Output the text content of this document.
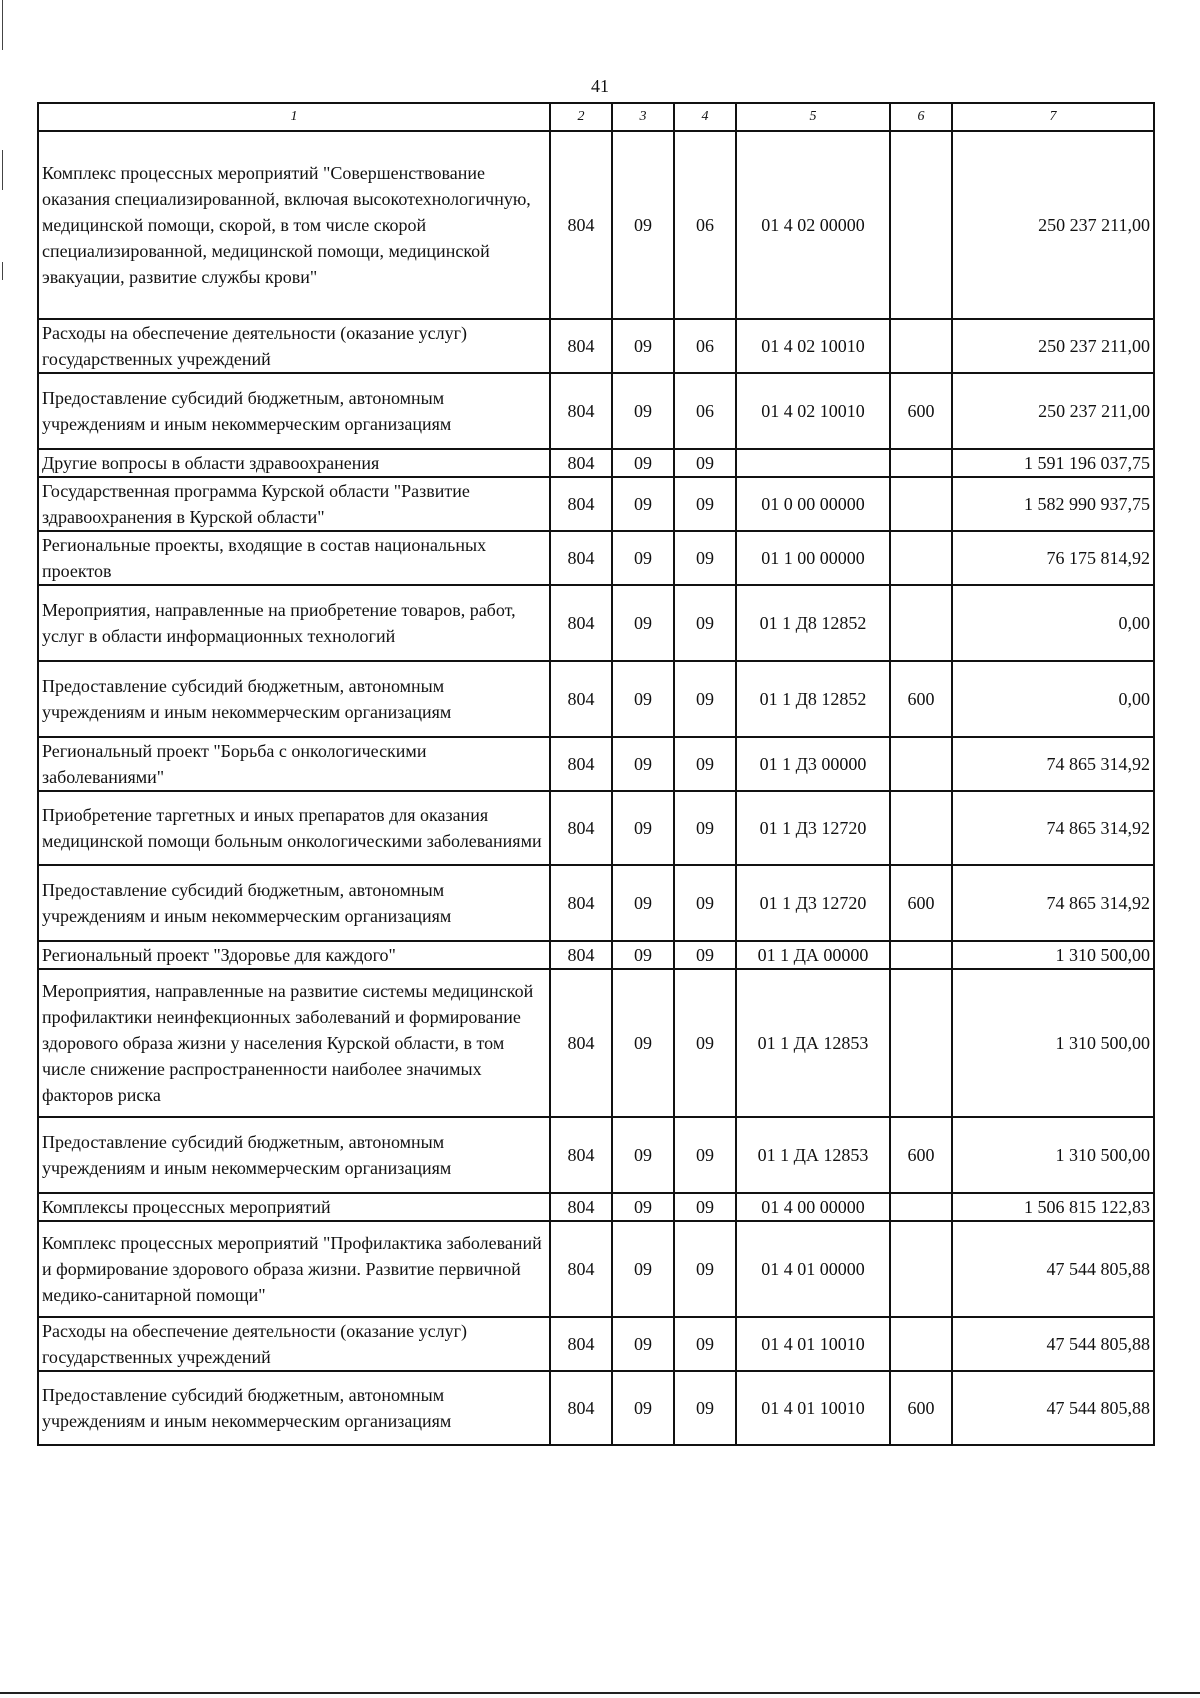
41
1	2	3	4	5	6	7
Комплекс процессных мероприятий "Совершенствование оказания специализированной, включая высокотехнологичную, медицинской помощи, скорой, в том числе скорой специализированной, медицинской помощи, медицинской эвакуации, развитие службы крови"	804	09	06	01 4 02 00000		250 237 211,00
Расходы на обеспечение деятельности (оказание услуг) государственных учреждений	804	09	06	01 4 02 10010		250 237 211,00
Предоставление субсидий бюджетным, автономным учреждениям и иным некоммерческим организациям	804	09	06	01 4 02 10010	600	250 237 211,00
Другие вопросы в области здравоохранения	804	09	09			1 591 196 037,75
Государственная программа Курской области "Развитие здравоохранения в Курской области"	804	09	09	01 0 00 00000		1 582 990 937,75
Региональные проекты, входящие в состав национальных проектов	804	09	09	01 1 00 00000		76 175 814,92
Мероприятия, направленные на приобретение товаров, работ, услуг в области информационных технологий	804	09	09	01 1 Д8 12852		0,00
Предоставление субсидий бюджетным, автономным учреждениям и иным некоммерческим организациям	804	09	09	01 1 Д8 12852	600	0,00
Региональный проект "Борьба с онкологическими заболеваниями"	804	09	09	01 1 Д3 00000		74 865 314,92
Приобретение таргетных и иных препаратов для оказания медицинской помощи больным онкологическими заболеваниями	804	09	09	01 1 Д3 12720		74 865 314,92
Предоставление субсидий бюджетным, автономным учреждениям и иным некоммерческим организациям	804	09	09	01 1 Д3 12720	600	74 865 314,92
Региональный проект "Здоровье для каждого"	804	09	09	01 1 ДА 00000		1 310 500,00
Мероприятия, направленные на развитие системы медицинской профилактики неинфекционных заболеваний и формирование здорового образа жизни у населения Курской области, в том числе снижение распространенности наиболее значимых факторов риска	804	09	09	01 1 ДА 12853		1 310 500,00
Предоставление субсидий бюджетным, автономным учреждениям и иным некоммерческим организациям	804	09	09	01 1 ДА 12853	600	1 310 500,00
Комплексы процессных мероприятий	804	09	09	01 4 00 00000		1 506 815 122,83
Комплекс процессных мероприятий "Профилактика заболеваний и формирование здорового образа жизни. Развитие первичной медико-санитарной помощи"	804	09	09	01 4 01 00000		47 544 805,88
Расходы на обеспечение деятельности (оказание услуг) государственных учреждений	804	09	09	01 4 01 10010		47 544 805,88
Предоставление субсидий бюджетным, автономным учреждениям и иным некоммерческим организациям	804	09	09	01 4 01 10010	600	47 544 805,88
